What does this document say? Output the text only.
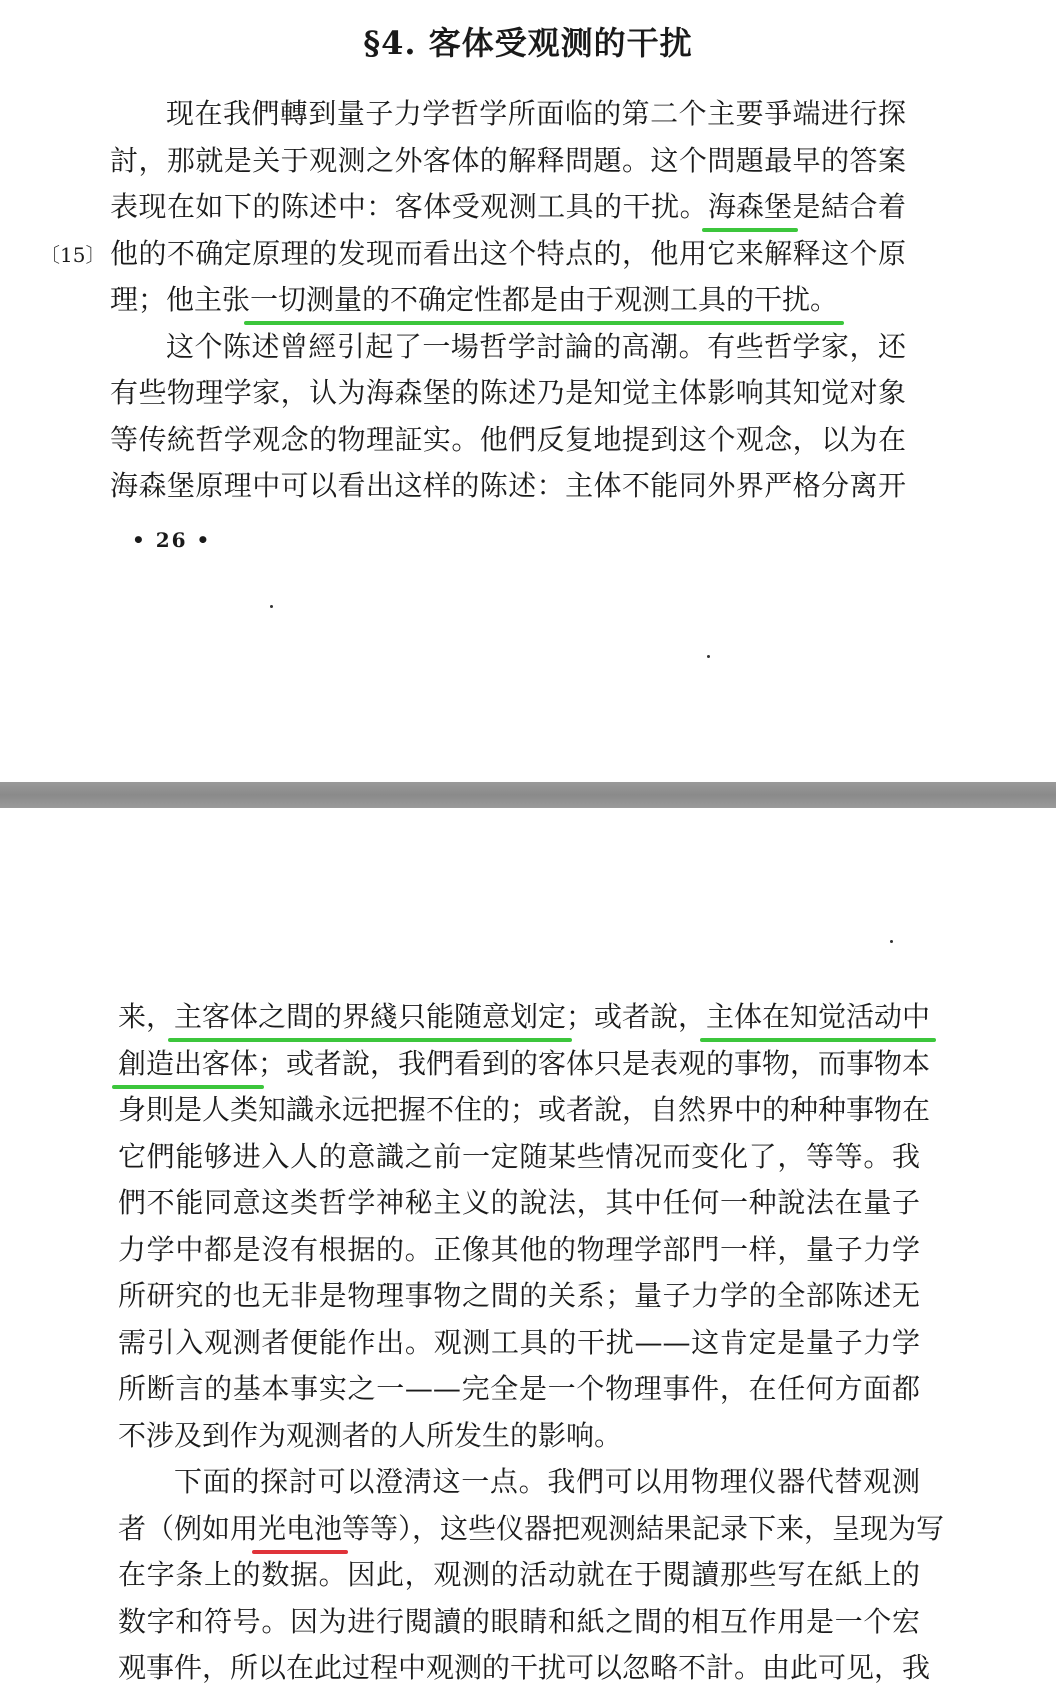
§4. 客体受观测的干扰
〔15〕
现在我們轉到量子力学哲学所面临的第二个主要爭端进行探
討，那就是关于观测之外客体的解释問題。这个問題最早的答案
表现在如下的陈述中：客体受观测工具的干扰。海森堡是結合着
他的不确定原理的发现而看出这个特点的，他用它来解释这个原
理；他主张一切测量的不确定性都是由于观测工具的干扰。
这个陈述曾經引起了一場哲学討論的高潮。有些哲学家，还
有些物理学家，认为海森堡的陈述乃是知觉主体影响其知觉对象
等传統哲学观念的物理証实。他們反复地提到这个观念，以为在
海森堡原理中可以看出这样的陈述：主体不能同外界严格分离开
• 26 •
来，主客体之間的界綫只能随意划定；或者說，主体在知觉活动中
創造出客体；或者說，我們看到的客体只是表观的事物，而事物本
身則是人类知識永远把握不住的；或者說，自然界中的种种事物在
它們能够进入人的意識之前一定随某些情况而变化了，等等。我
們不能同意这类哲学神秘主义的說法，其中任何一种說法在量子
力学中都是沒有根据的。正像其他的物理学部門一样，量子力学
所研究的也无非是物理事物之間的关系；量子力学的全部陈述无
需引入观测者便能作出。观测工具的干扰——这肯定是量子力学
所断言的基本事实之一——完全是一个物理事件，在任何方面都
不涉及到作为观测者的人所发生的影响。
下面的探討可以澄淸这一点。我們可以用物理仪器代替观测
者（例如用光电池等等），这些仪器把观测結果記录下来，呈现为写
在字条上的数据。因此，观测的活动就在于閱讀那些写在紙上的
数字和符号。因为进行閱讀的眼睛和紙之間的相互作用是一个宏
观事件，所以在此过程中观测的干扰可以忽略不計。由此可见，我
